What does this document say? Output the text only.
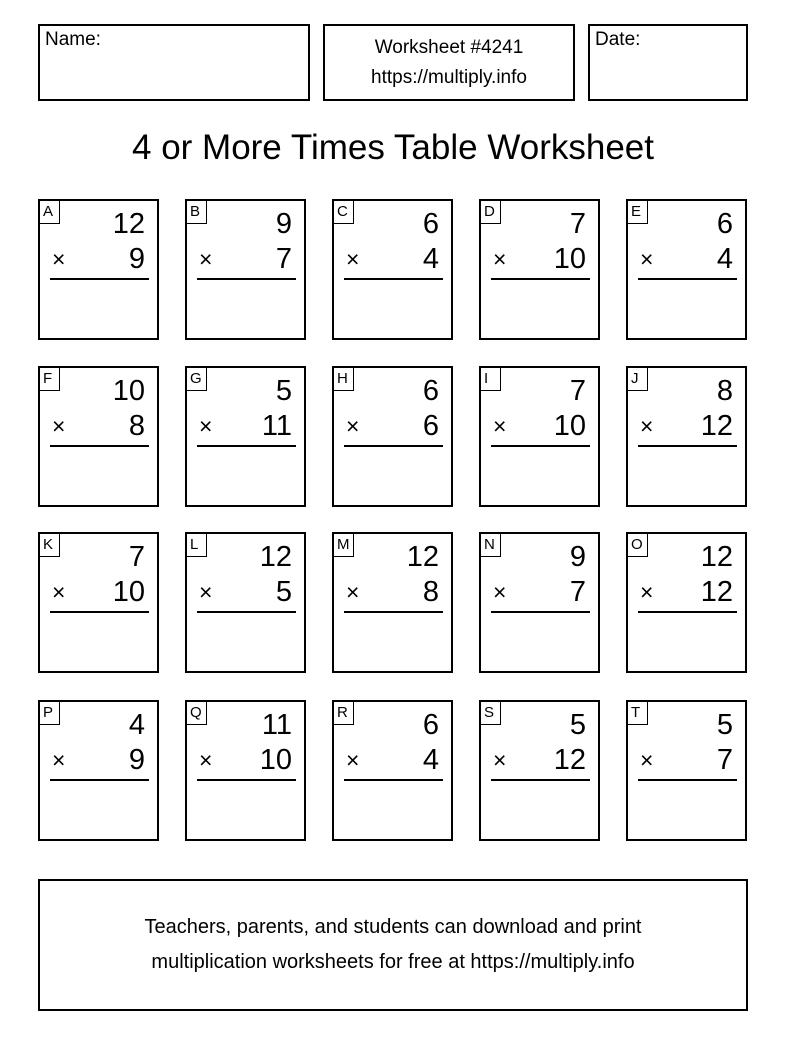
Name:	Worksheet #4241
https://multiply.info
Date:
4 or More Times Table Worksheet
A 12
× 9
B	9
× 7
C	6
× 4
D	7
× 10
E	6
× 4
F 10
× 8
G	5
× 11
H	6
× 6
I	7
× 10
J	8
× 12
K	7
× 10
L 12
× 5
M 12
× 8
N	9
× 7
O 12
× 12
P	4
× 9
Q 11
× 10
R	6
× 4
S	5
× 12
T	5
× 7
Teachers, parents, and students can download and print
multiplication worksheets for free at https://multiply.info
